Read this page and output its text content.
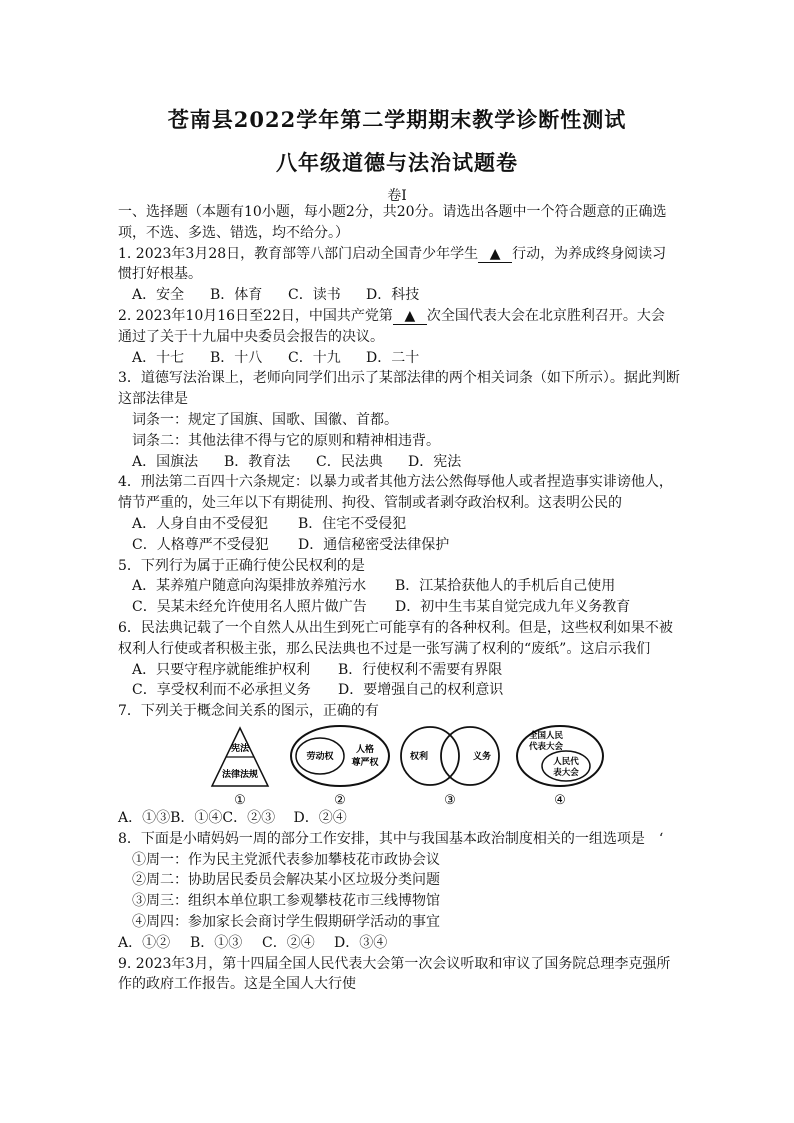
苍南县2022学年第二学期期末教学诊断性测试
八年级道德与法治试题卷
卷Ⅰ
一、选择题（本题有10小题，每小题2分，共20分。请选出各题中一个符合题意的正确选
项，不选、多选、错选，均不给分。）
1. 2023年3月28日，教育部等八部门启动全国青少年学生 ▲ 行动，为养成终身阅读习
惯打好根基。
A．安全 B．体育 C．读书 D．科技
2. 2023年10月16日至22日，中国共产党第 ▲ 次全国代表大会在北京胜利召开。大会
通过了关于十九届中央委员会报告的决议。
A．十七 B．十八 C．十九 D．二十
3．道德写法治课上，老师向同学们出示了某部法律的两个相关词条（如下所示）。据此判断
这部法律是
词条一：规定了国旗、国歌、国徽、首都。
词条二：其他法律不得与它的原则和精神相违背。
A．国旗法 B．教育法 C．民法典 D．宪法
4．刑法第二百四十六条规定：以暴力或者其他方法公然侮辱他人或者捏造事实诽谤他人，
情节严重的，处三年以下有期徒刑、拘役、管制或者剥夺政治权利。这表明公民的
A．人身自由不受侵犯 B．住宅不受侵犯
C．人格尊严不受侵犯 D．通信秘密受法律保护
5．下列行为属于正确行使公民权利的是
A．某养殖户随意向沟渠排放养殖污水 B．江某拾获他人的手机后自己使用
C．吴某未经允许使用名人照片做广告 D．初中生韦某自觉完成九年义务教育
6．民法典记载了一个自然人从出生到死亡可能享有的各种权利。但是，这些权利如果不被
权利人行使或者积极主张，那么民法典也不过是一张写满了权利的“废纸”。这启示我们
A．只要守程序就能维护权利 B．行使权利不需要有界限
C．享受权利而不必承担义务 D．要增强自己的权利意识
7．下列关于概念间关系的图示，正确的有
宪法
法律法规
①
劳动权
人格
尊严权
②
权利	义务
③
全国人民
代表大会
人民代
表大会
④
A．①③B．①④C．②③　 D．②④
8．下面是小晴妈妈一周的部分工作安排，其中与我国基本政治制度相关的一组选项是　‘
①周一：作为民主党派代表参加攀枝花市政协会议
②周二：协助居民委员会解决某小区垃圾分类问题
③周三：组织本单位职工参观攀枝花市三线博物馆
④周四：参加家长会商讨学生假期研学活动的事宜
A．①② B．①③ C．②④ D．③④
9. 2023年3月，第十四届全国人民代表大会第一次会议听取和审议了国务院总理李克强所
作的政府工作报告。这是全国人大行使
